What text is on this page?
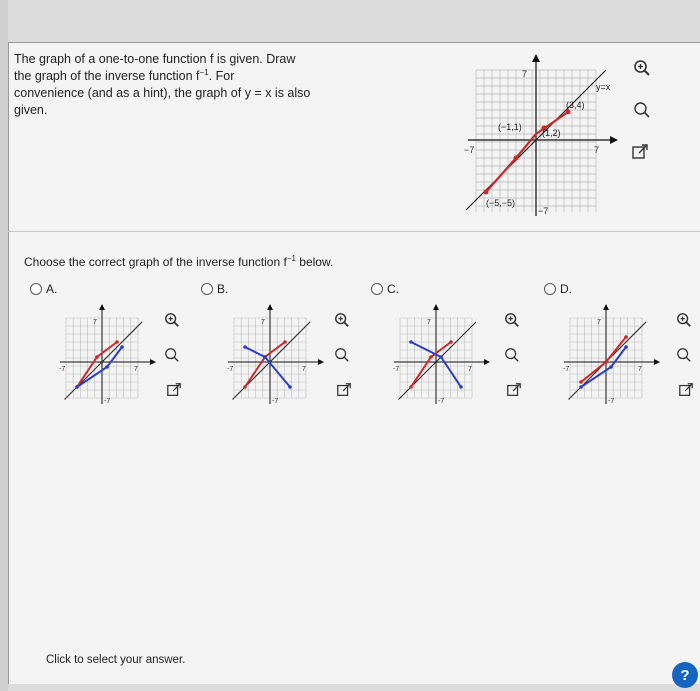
The graph of a one-to-one function f is given. Draw
the graph of the inverse function $f^{-1}$. For
convenience (and as a hint), the graph of y = x is also
given.
7
−7
−7	7
y=x
(3,4)
(−1,1)
(1,2)
(−5,−5)
Choose the correct graph of the inverse function $f^{-1}$ below.
A.	B.	C.	D.
7
-7	7
-7
7
-7	7
-7
7
-7	7
-7
7
-7	7
-7
Click to select your answer.
?
